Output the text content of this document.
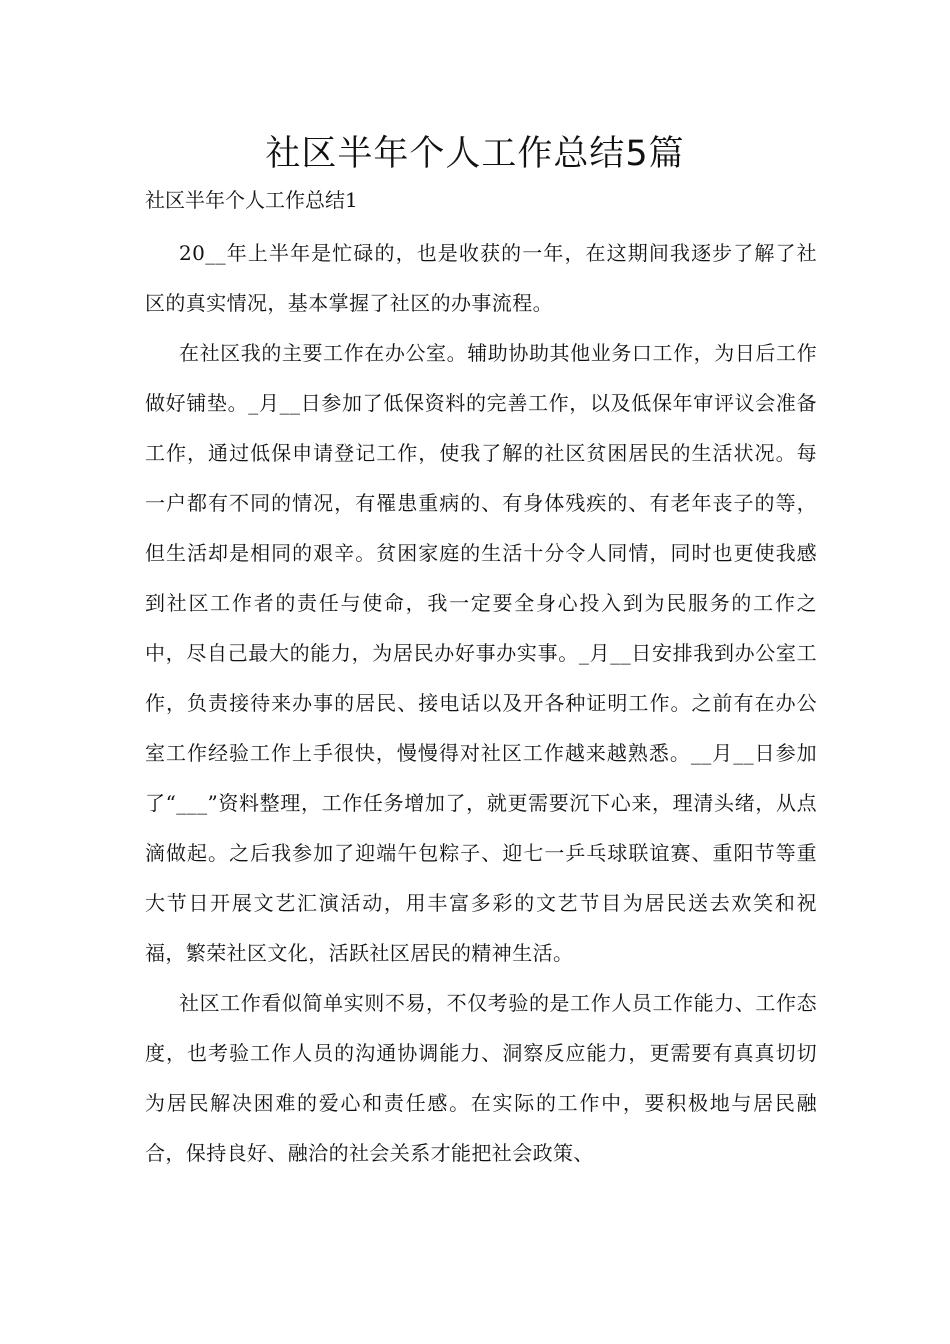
社区半年个人工作总结5篇
社区半年个人工作总结1

20__年上半年是忙碌的，也是收获的一年，在这期间我逐步了解了社区的真实情况，基本掌握了社区的办事流程。

在社区我的主要工作在办公室。辅助协助其他业务口工作，为日后工作做好铺垫。_月__日参加了低保资料的完善工作，以及低保年审评议会准备工作，通过低保申请登记工作，使我了解的社区贫困居民的生活状况。每一户都有不同的情况，有罹患重病的、有身体残疾的、有老年丧子的等，但生活却是相同的艰辛。贫困家庭的生活十分令人同情，同时也更使我感到社区工作者的责任与使命，我一定要全身心投入到为民服务的工作之中，尽自己最大的能力，为居民办好事办实事。_月__日安排我到办公室工作，负责接待来办事的居民、接电话以及开各种证明工作。之前有在办公室工作经验工作上手很快，慢慢得对社区工作越来越熟悉。__月__日参加了“___”资料整理，工作任务增加了，就更需要沉下心来，理清头绪，从点滴做起。之后我参加了迎端午包粽子、迎七一乒乓球联谊赛、重阳节等重大节日开展文艺汇演活动，用丰富多彩的文艺节目为居民送去欢笑和祝福，繁荣社区文化，活跃社区居民的精神生活。

社区工作看似简单实则不易，不仅考验的是工作人员工作能力、工作态度，也考验工作人员的沟通协调能力、洞察反应能力，更需要有真真切切为居民解决困难的爱心和责任感。在实际的工作中，要积极地与居民融合，保持良好、融洽的社会关系才能把社会政策、
